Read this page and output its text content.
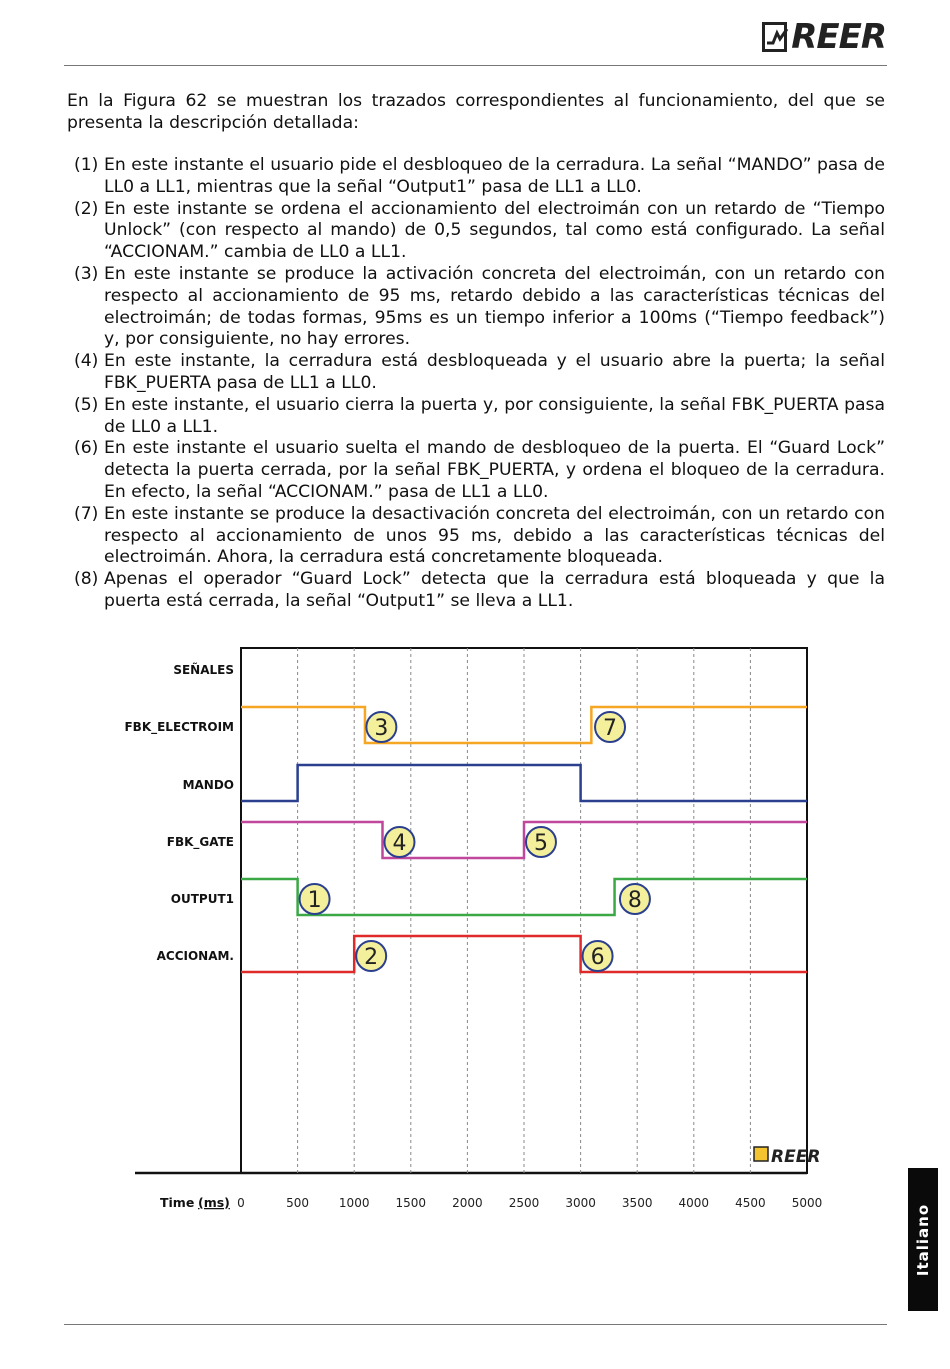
REER

En la Figura 62 se muestran los trazados correspondientes al funcionamiento, del que se presenta la descripción detallada:

(1) En este instante el usuario pide el desbloqueo de la cerradura. La señal “MANDO” pasa de LL0 a LL1, mientras que la señal “Output1” pasa de LL1 a LL0.
(2) En este instante se ordena el accionamiento del electroimán con un retardo de “Tiempo Unlock” (con respecto al mando) de 0,5 segundos, tal como está configurado. La señal “ACCIONAM.” cambia de LL0 a LL1.
(3) En este instante se produce la activación concreta del electroimán, con un retardo con respecto al accionamiento de 95 ms, retardo debido a las características técnicas del electroimán; de todas formas, 95ms es un tiempo inferior a 100ms (“Tiempo feedback”) y, por consiguiente, no hay errores.
(4) En este instante, la cerradura está desbloqueada y el usuario abre la puerta; la señal FBK_PUERTA pasa de LL1 a LL0.
(5) En este instante, el usuario cierra la puerta y, por consiguiente, la señal FBK_PUERTA pasa de LL0 a LL1.
(6) En este instante el usuario suelta el mando de desbloqueo de la puerta. El “Guard Lock” detecta la puerta cerrada, por la señal FBK_PUERTA, y ordena el bloqueo de la cerradura. En efecto, la señal “ACCIONAM.” pasa de LL1 a LL0.
(7) En este instante se produce la desactivación concreta del electroimán, con un retardo con respecto al accionamiento de unos 95 ms, debido a las características técnicas del electroimán. Ahora, la cerradura está concretamente bloqueada.
(8) Apenas el operador “Guard Lock” detecta que la cerradura está bloqueada y que la puerta está cerrada, la señal “Output1” se lleva a LL1.
0	500 1000 1500 2000 2500 3000 3500 4000 4500 5000
Time (ms)
SEÑALES
FBK_ELECTROIM
MANDO
FBK_GATE
OUTPUT1
ACCIONAM.
1
2
3
4	5
6
7
8
REER
Italiano
